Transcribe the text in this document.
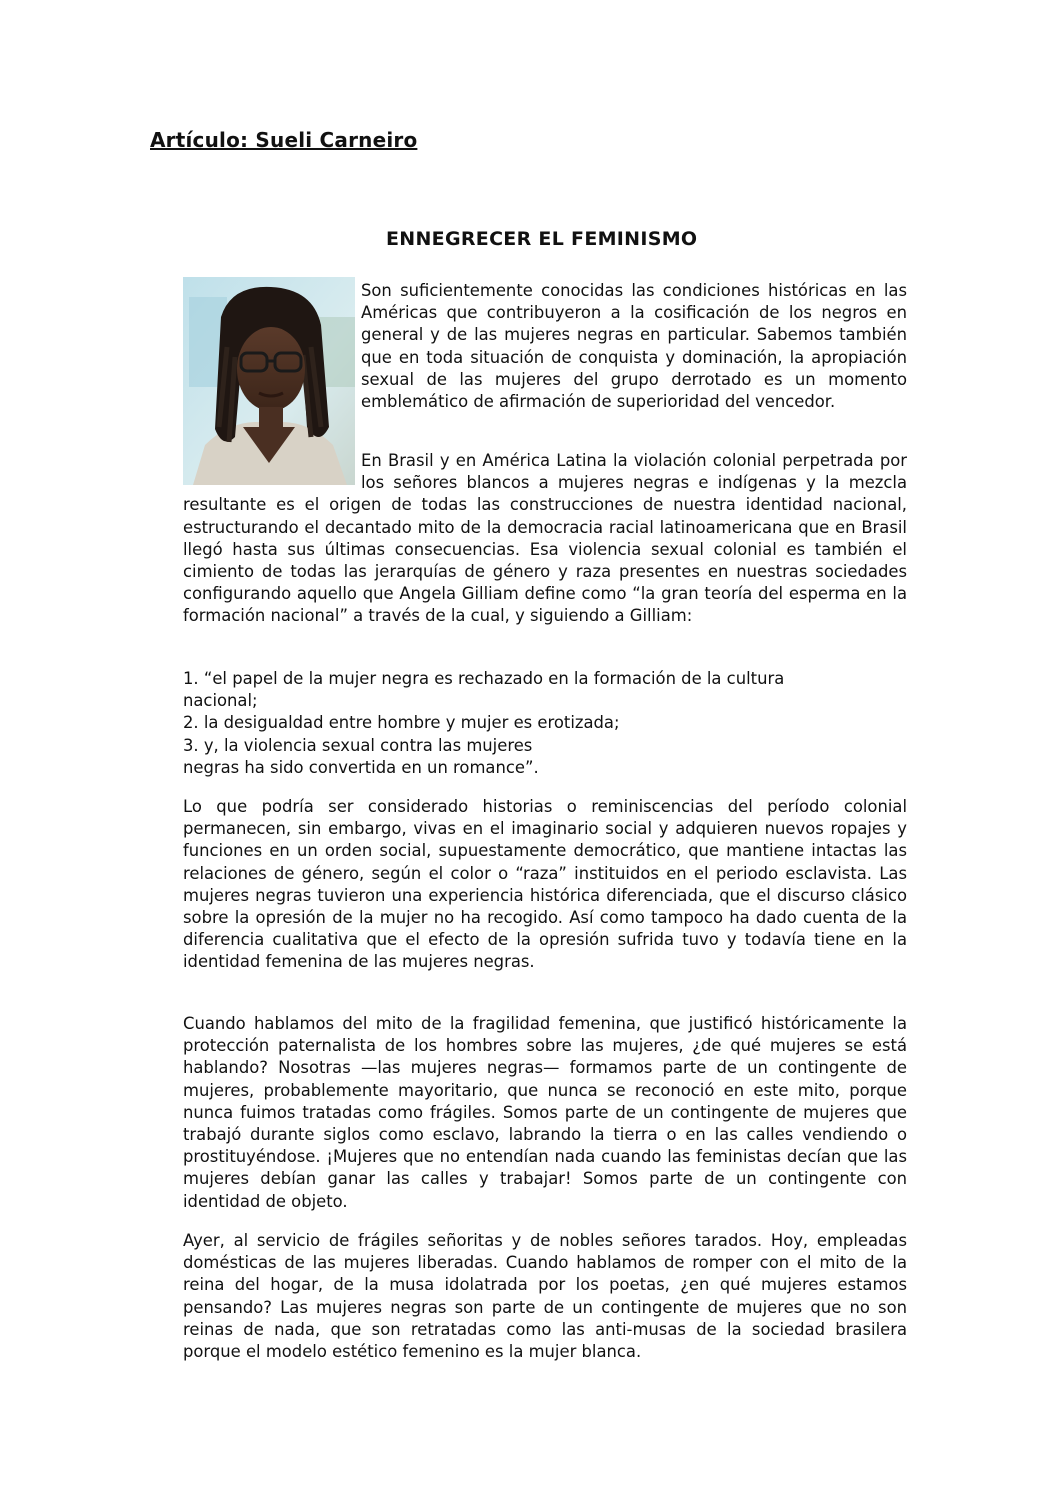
Artículo: Sueli Carneiro
ENNEGRECER EL FEMINISMO

Son suficientemente conocidas las condiciones históricas en las Américas que contribuyeron a la cosificación de los negros en general y de las mujeres negras en particular. Sabemos también que en toda situación de conquista y dominación, la apropiación sexual de las mujeres del grupo derrotado es un momento emblemático de afirmación de superioridad del vencedor.

En Brasil y en América Latina la violación colonial perpetrada por los señores blancos a mujeres negras e indígenas y la mezcla resultante es el origen de todas las construcciones de nuestra identidad nacional, estructurando el decantado mito de la democracia racial latinoamericana que en Brasil llegó hasta sus últimas consecuencias. Esa violencia sexual colonial es también el cimiento de todas las jerarquías de género y raza presentes en nuestras sociedades configurando aquello que Angela Gilliam define como “la gran teoría del esperma en la formación nacional” a través de la cual, y siguiendo a Gilliam:

1. “el papel de la mujer negra es rechazado en la formación de la cultura
nacional;
2. la desigualdad entre hombre y mujer es erotizada;
3. y, la violencia sexual contra las mujeres
negras ha sido convertida en un romance”.
Lo que podría ser considerado historias o reminiscencias del período colonial permanecen, sin embargo, vivas en el imaginario social y adquieren nuevos ropajes y funciones en un orden social, supuestamente democrático, que mantiene intactas las relaciones de género, según el color o “raza” instituidos en el periodo esclavista. Las mujeres negras tuvieron una experiencia histórica diferenciada, que el discurso clásico sobre la opresión de la mujer no ha recogido. Así como tampoco ha dado cuenta de la diferencia cualitativa que el efecto de la opresión sufrida tuvo y todavía tiene en la identidad femenina de las mujeres negras.
Cuando hablamos del mito de la fragilidad femenina, que justificó históricamente la protección paternalista de los hombres sobre las mujeres, ¿de qué mujeres se está hablando? Nosotras —las mujeres negras— formamos parte de un contingente de mujeres, probablemente mayoritario, que nunca se reconoció en este mito, porque nunca fuimos tratadas como frágiles. Somos parte de un contingente de mujeres que trabajó durante siglos como esclavo, labrando la tierra o en las calles vendiendo o prostituyéndose. ¡Mujeres que no entendían nada cuando las feministas decían que las mujeres debían ganar las calles y trabajar! Somos parte de un contingente con identidad de objeto.
Ayer, al servicio de frágiles señoritas y de nobles señores tarados. Hoy, empleadas domésticas de las mujeres liberadas. Cuando hablamos de romper con el mito de la reina del hogar, de la musa idolatrada por los poetas, ¿en qué mujeres estamos pensando? Las mujeres negras son parte de un contingente de mujeres que no son reinas de nada, que son retratadas como las anti-musas de la sociedad brasilera porque el modelo estético femenino es la mujer blanca.
